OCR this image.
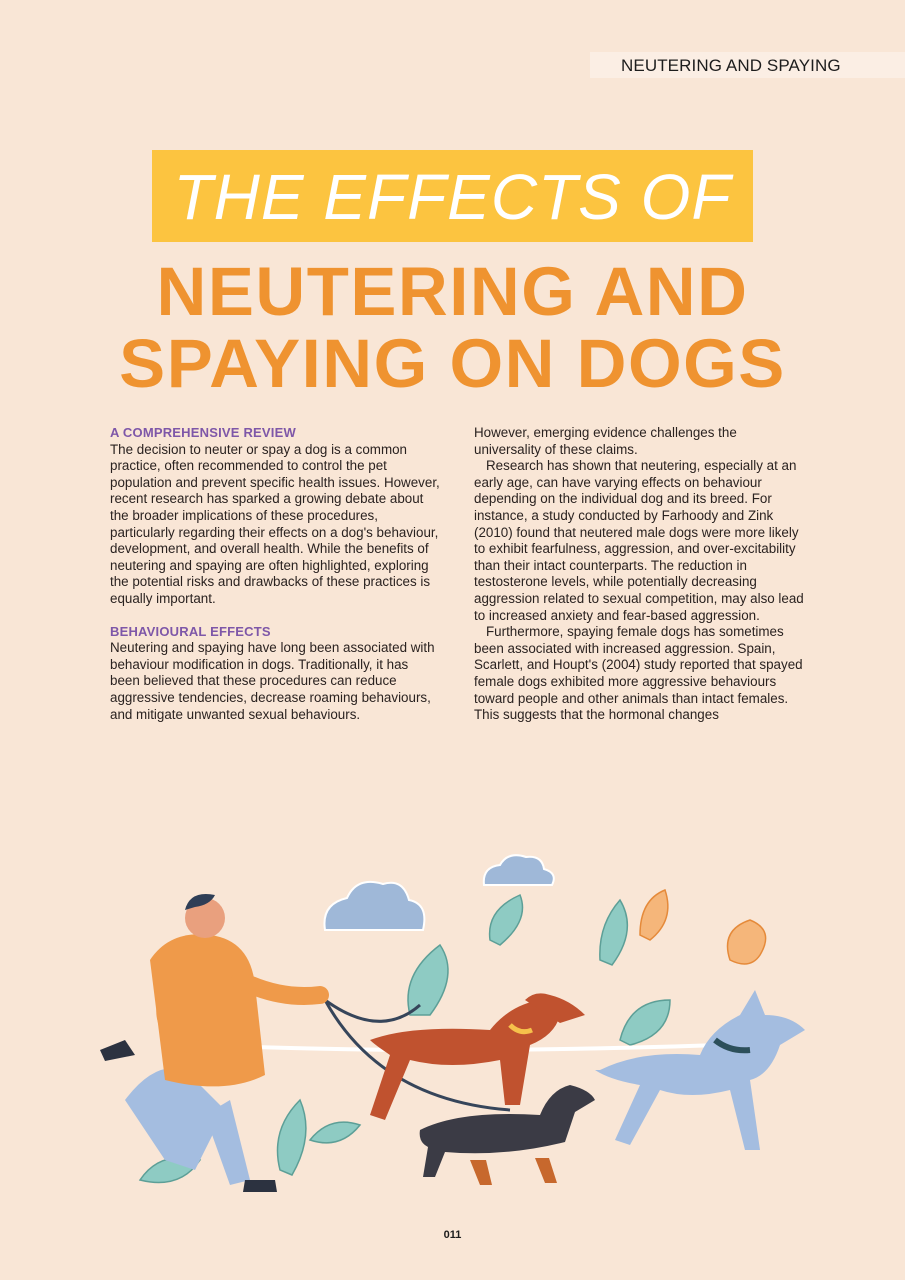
NEUTERING AND SPAYING
THE EFFECTS OF
NEUTERING AND
SPAYING ON DOGS

A COMPREHENSIVE REVIEW

The decision to neuter or spay a dog is a common practice, often recommended to control the pet population and prevent specific health issues. However, recent research has sparked a growing debate about the broader implications of these procedures, particularly regarding their effects on a dog's behaviour, development, and overall health. While the benefits of neutering and spaying are often highlighted, exploring the potential risks and drawbacks of these practices is equally important.

BEHAVIOURAL EFFECTS

Neutering and spaying have long been associated with behaviour modification in dogs. Traditionally, it has been believed that these procedures can reduce aggressive tendencies, decrease roaming behaviours, and mitigate unwanted sexual behaviours.

However, emerging evidence challenges the universality of these claims.

Research has shown that neutering, especially at an early age, can have varying effects on behaviour depending on the individual dog and its breed. For instance, a study conducted by Farhoody and Zink (2010) found that neutered male dogs were more likely to exhibit fearfulness, aggression, and over-excitability than their intact counterparts. The reduction in testosterone levels, while potentially decreasing aggression related to sexual competition, may also lead to increased anxiety and fear-based aggression.

Furthermore, spaying female dogs has sometimes been associated with increased aggression. Spain, Scarlett, and Houpt's (2004) study reported that spayed female dogs exhibited more aggressive behaviours toward people and other animals than intact females. This suggests that the hormonal changes

011
